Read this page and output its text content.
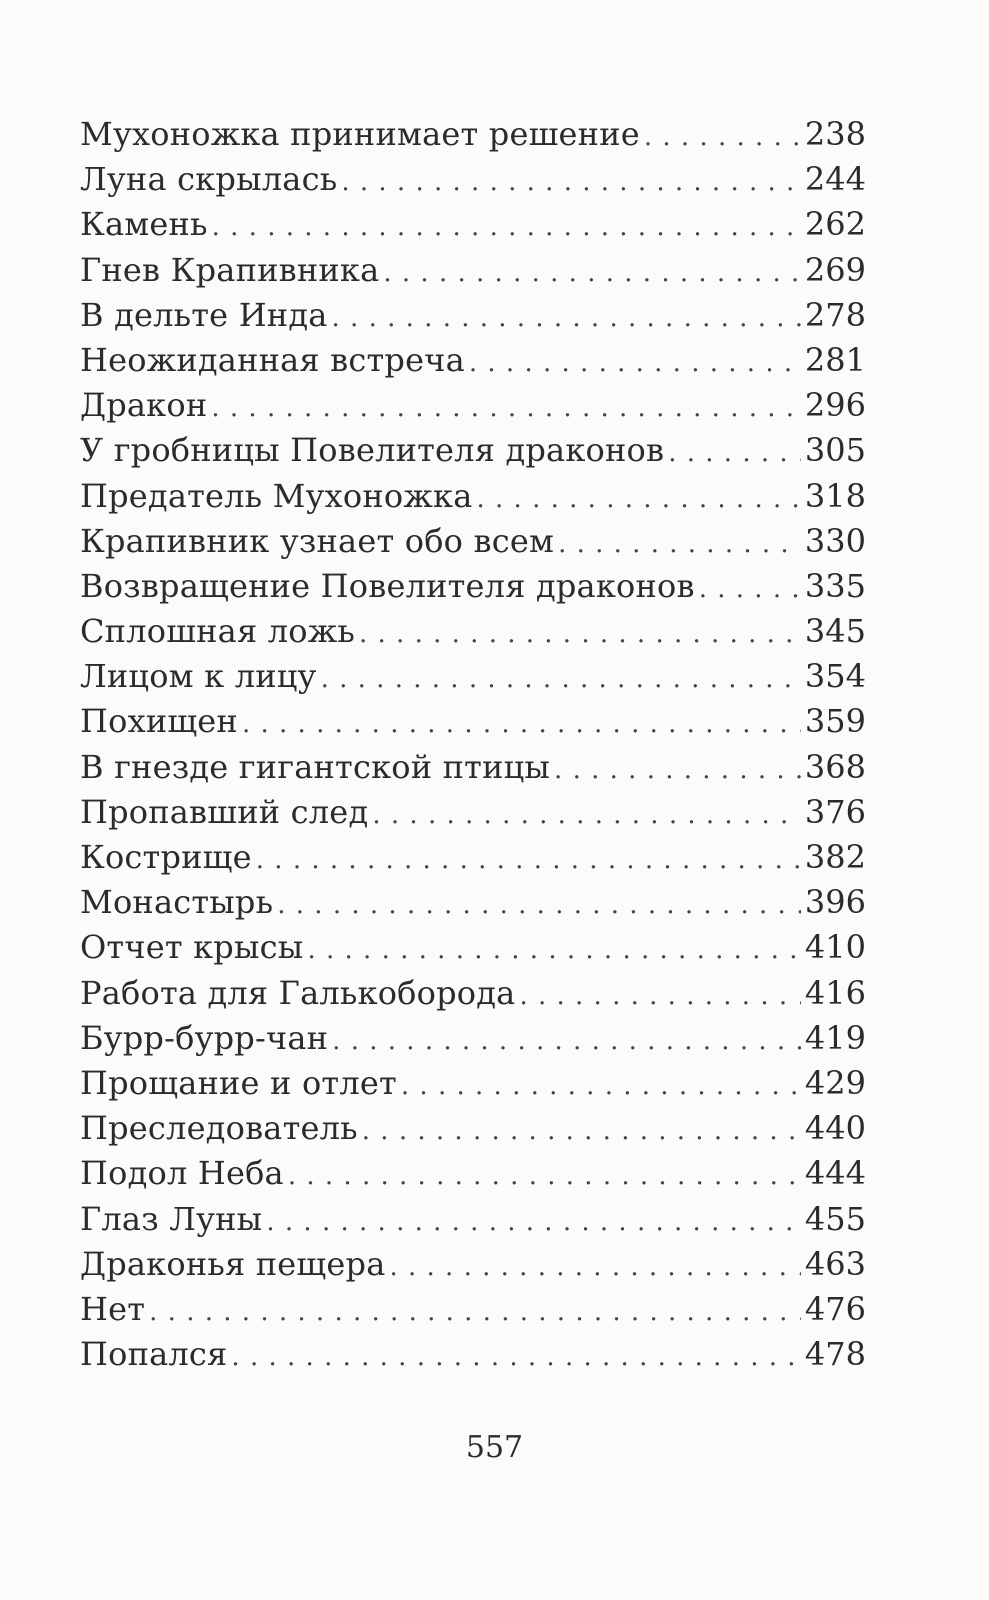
Мухоножка принимает решение . . .	238
Луна скрылась . . .	244
Камень . . .	262
Гнев Крапивника . . .	269
В дельте Инда . . .	278
Неожиданная встреча . . .	281
Дракон . . .	296
У гробницы Повелителя драконов . . .	305
Предатель Мухоножка . . .	318
Крапивник узнает обо всем . . .	330
Возвращение Повелителя драконов . . .	335
Сплошная ложь . . .	345
Лицом к лицу . . .	354
Похищен . . .	359
В гнезде гигантской птицы . . .	368
Пропавший след . . .	376
Кострище . . .	382
Монастырь . . .	396
Отчет крысы . . .	410
Работа для Галькоборода . . .	416
Бурр-бурр-чан . . .	419
Прощание и отлет . . .	429
Преследователь . . .	440
Подол Неба . . .	444
Глаз Луны . . .	455
Драконья пещера . . .	463
Нет . . .	476
Попался . . .	478
557
